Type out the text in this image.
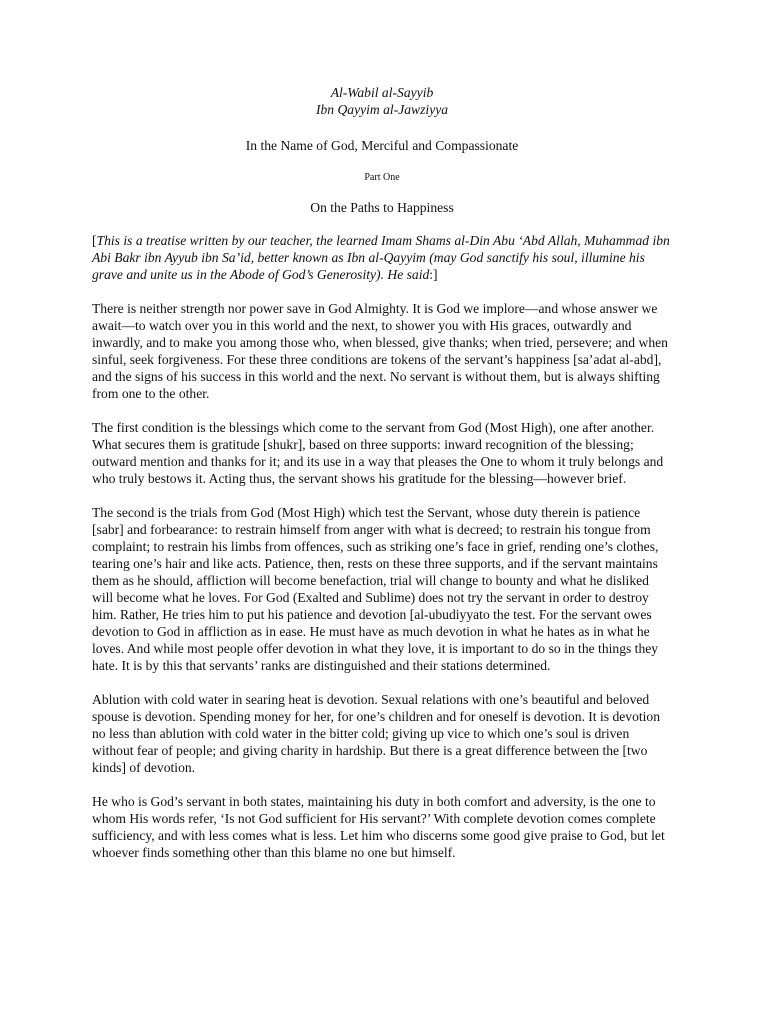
Al-Wabil al-Sayyib

Ibn Qayyim al-Jawziyya

In the Name of God, Merciful and Compassionate

Part One

On the Paths to Happiness

[This is a treatise written by our teacher, the learned Imam Shams al-Din Abu ‘Abd Allah, Muhammad ibn Abi Bakr ibn Ayyub ibn Sa’id, better known as Ibn al-Qayyim (may God sanctify his soul, illumine his grave and unite us in the Abode of God’s Generosity). He said:]

There is neither strength nor power save in God Almighty. It is God we implore—and whose answer we await—to watch over you in this world and the next, to shower you with His graces, outwardly and inwardly, and to make you among those who, when blessed, give thanks; when tried, persevere; and when sinful, seek forgiveness. For these three conditions are tokens of the servant’s happiness [sa’adat al-abd], and the signs of his success in this world and the next. No servant is without them, but is always shifting from one to the other.

The first condition is the blessings which come to the servant from God (Most High), one after another. What secures them is gratitude [shukr], based on three supports: inward recognition of the blessing; outward mention and thanks for it; and its use in a way that pleases the One to whom it truly belongs and who truly bestows it. Acting thus, the servant shows his gratitude for the blessing—however brief.

The second is the trials from God (Most High) which test the Servant, whose duty therein is patience [sabr] and forbearance: to restrain himself from anger with what is decreed; to restrain his tongue from complaint; to restrain his limbs from offences, such as striking one’s face in grief, rending one’s clothes, tearing one’s hair and like acts. Patience, then, rests on these three supports, and if the servant maintains them as he should, affliction will become benefaction, trial will change to bounty and what he disliked will become what he loves. For God (Exalted and Sublime) does not try the servant in order to destroy him. Rather, He tries him to put his patience and devotion [al-ubudiyyato the test. For the servant owes devotion to God in affliction as in ease. He must have as much devotion in what he hates as in what he loves. And while most people offer devotion in what they love, it is important to do so in the things they hate. It is by this that servants’ ranks are distinguished and their stations determined.

Ablution with cold water in searing heat is devotion. Sexual relations with one’s beautiful and beloved spouse is devotion. Spending money for her, for one’s children and for oneself is devotion. It is devotion no less than ablution with cold water in the bitter cold; giving up vice to which one’s soul is driven without fear of people; and giving charity in hardship. But there is a great difference between the [two kinds] of devotion.

He who is God’s servant in both states, maintaining his duty in both comfort and adversity, is the one to whom His words refer, ‘Is not God sufficient for His servant?’ With complete devotion comes complete sufficiency, and with less comes what is less. Let him who discerns some good give praise to God, but let whoever finds something other than this blame no one but himself.
